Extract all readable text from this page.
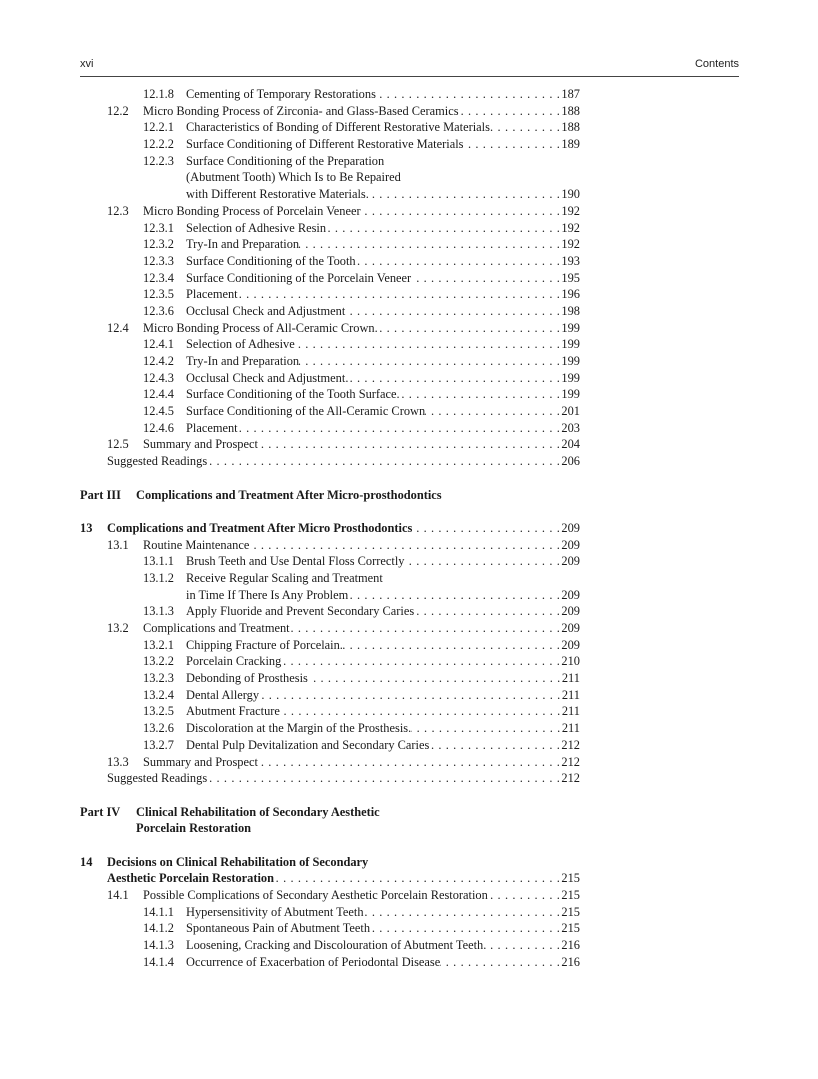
xvi	Contents
12.1.8 Cementing of Temporary Restorations . . .	187
12.2 Micro Bonding Process of Zirconia- and Glass-Based Ceramics . . .	188
12.2.1 Characteristics of Bonding of Different Restorative Materials. . . .	188
12.2.2 Surface Conditioning of Different Restorative Materials . . .	189
12.2.3 Surface Conditioning of the Preparation
(Abutment Tooth) Which Is to Be Repaired
with Different Restorative Materials. . . .	190
12.3 Micro Bonding Process of Porcelain Veneer . . .	192
12.3.1 Selection of Adhesive Resin . . .	192
12.3.2 Try-In and Preparation . . .	192
12.3.3 Surface Conditioning of the Tooth . . .	193
12.3.4 Surface Conditioning of the Porcelain Veneer . . .	195
12.3.5 Placement . . .	196
12.3.6 Occlusal Check and Adjustment . . .	198
12.4 Micro Bonding Process of All-Ceramic Crown. . . .	199
12.4.1 Selection of Adhesive . . .	199
12.4.2 Try-In and Preparation . . .	199
12.4.3 Occlusal Check and Adjustment. . . .	199
12.4.4 Surface Conditioning of the Tooth Surface. . . .	199
12.4.5 Surface Conditioning of the All-Ceramic Crown . . .	201
12.4.6 Placement . . .	203
12.5 Summary and Prospect . . .	204
Suggested Readings . . .	206
Part III Complications and Treatment After Micro-prosthodontics
13 Complications and Treatment After Micro Prosthodontics . . .	209
13.1 Routine Maintenance . . .	209
13.1.1 Brush Teeth and Use Dental Floss Correctly . . .	209
13.1.2 Receive Regular Scaling and Treatment
in Time If There Is Any Problem . . .	209
13.1.3 Apply Fluoride and Prevent Secondary Caries . . .	209
13.2 Complications and Treatment . . .	209
13.2.1 Chipping Fracture of Porcelain. . . .	209
13.2.2 Porcelain Cracking . . .	210
13.2.3 Debonding of Prosthesis . . .	211
13.2.4 Dental Allergy . . .	211
13.2.5 Abutment Fracture . . .	211
13.2.6 Discoloration at the Margin of the Prosthesis. . . .	211
13.2.7 Dental Pulp Devitalization and Secondary Caries . . .	212
13.3 Summary and Prospect . . .	212
Suggested Readings . . .	212
Part IV Clinical Rehabilitation of Secondary Aesthetic
Porcelain Restoration
14 Decisions on Clinical Rehabilitation of Secondary
Aesthetic Porcelain Restoration . . .	215
14.1 Possible Complications of Secondary Aesthetic Porcelain Restoration . . .	215
14.1.1 Hypersensitivity of Abutment Teeth . . .	215
14.1.2 Spontaneous Pain of Abutment Teeth . . .	215
14.1.3 Loosening, Cracking and Discolouration of Abutment Teeth. . . .	216
14.1.4 Occurrence of Exacerbation of Periodontal Disease . . .	216
